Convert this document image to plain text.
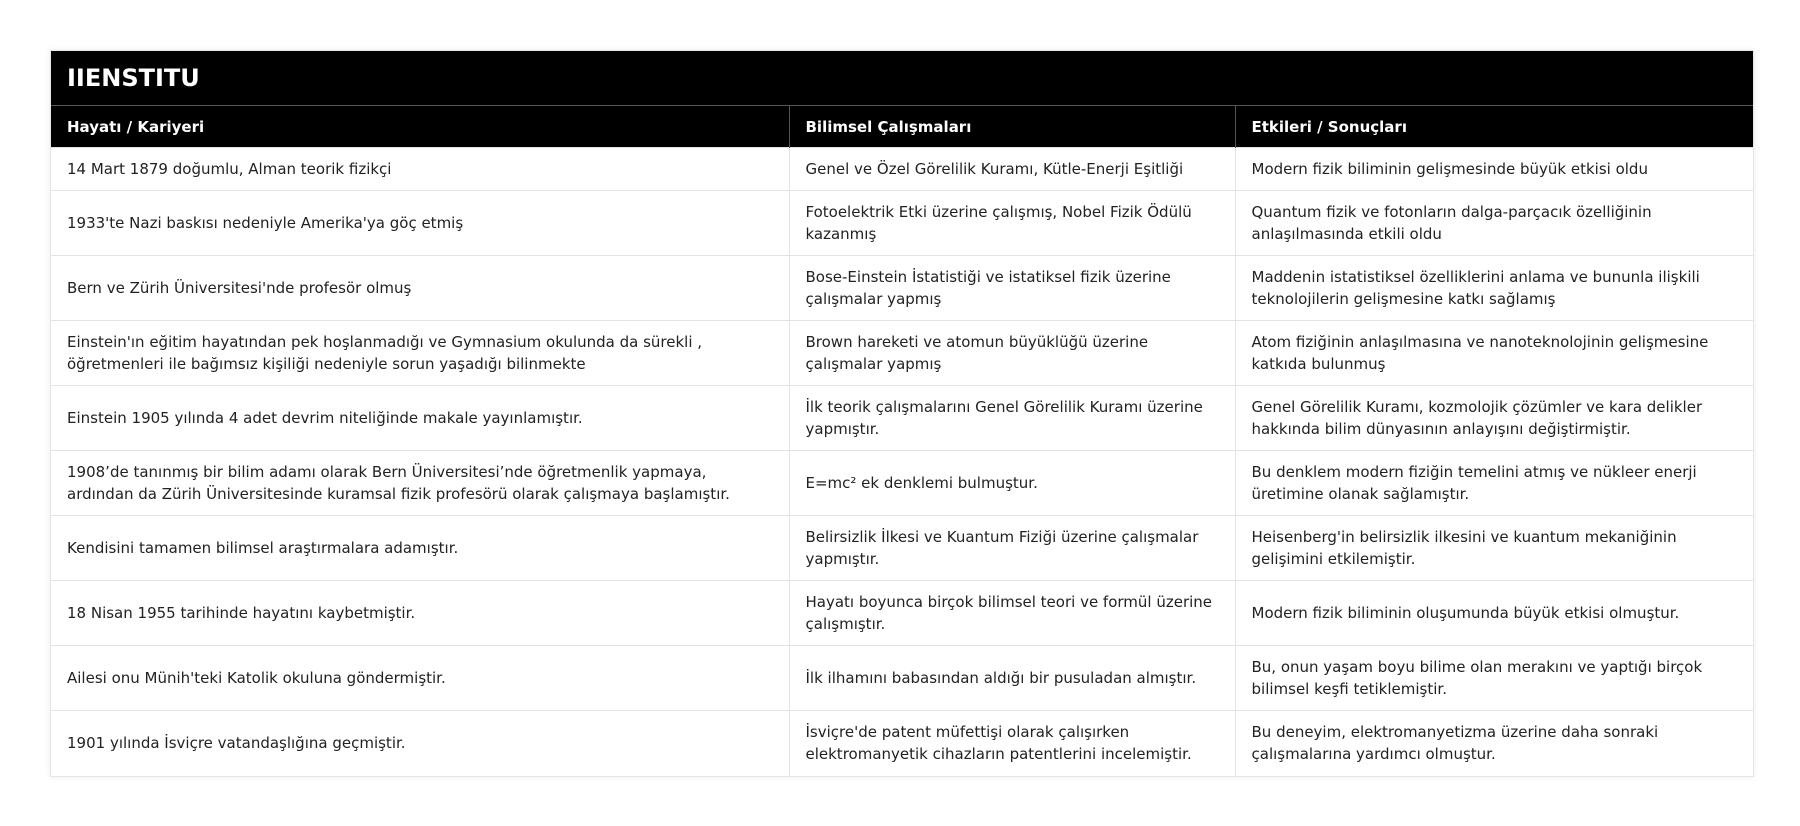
IIENSTITU
Hayatı / Kariyeri	Bilimsel Çalışmaları	Etkileri / Sonuçları
14 Mart 1879 doğumlu, Alman teorik fizikçi	Genel ve Özel Görelilik Kuramı, Kütle-Enerji Eşitliği	Modern fizik biliminin gelişmesinde büyük etkisi oldu
1933'te Nazi baskısı nedeniyle Amerika'ya göç etmiş	Fotoelektrik Etki üzerine çalışmış, Nobel Fizik Ödülü kazanmış	Quantum fizik ve fotonların dalga-parçacık özelliğinin anlaşılmasında etkili oldu
Bern ve Zürih Üniversitesi'nde profesör olmuş	Bose-Einstein İstatistiği ve istatiksel fizik üzerine çalışmalar yapmış	Maddenin istatistiksel özelliklerini anlama ve bununla ilişkili teknolojilerin gelişmesine katkı sağlamış
Einstein'ın eğitim hayatından pek hoşlanmadığı ve Gymnasium okulunda da sürekli , öğretmenleri ile bağımsız kişiliği nedeniyle sorun yaşadığı bilinmekte	Brown hareketi ve atomun büyüklüğü üzerine çalışmalar yapmış	Atom fiziğinin anlaşılmasına ve nanoteknolojinin gelişmesine katkıda bulunmuş
Einstein 1905 yılında 4 adet devrim niteliğinde makale yayınlamıştır.	İlk teorik çalışmalarını Genel Görelilik Kuramı üzerine yapmıştır.	Genel Görelilik Kuramı, kozmolojik çözümler ve kara delikler hakkında bilim dünyasının anlayışını değiştirmiştir.
1908’de tanınmış bir bilim adamı olarak Bern Üniversitesi’nde öğretmenlik yapmaya, ardından da Zürih Üniversitesinde kuramsal fizik profesörü olarak çalışmaya başlamıştır.	E=mc² ek denklemi bulmuştur.	Bu denklem modern fiziğin temelini atmış ve nükleer enerji üretimine olanak sağlamıştır.
Kendisini tamamen bilimsel araştırmalara adamıştır.	Belirsizlik İlkesi ve Kuantum Fiziği üzerine çalışmalar yapmıştır.	Heisenberg'in belirsizlik ilkesini ve kuantum mekaniğinin gelişimini etkilemiştir.
18 Nisan 1955 tarihinde hayatını kaybetmiştir.	Hayatı boyunca birçok bilimsel teori ve formül üzerine çalışmıştır.	Modern fizik biliminin oluşumunda büyük etkisi olmuştur.
Ailesi onu Münih'teki Katolik okuluna göndermiştir.	İlk ilhamını babasından aldığı bir pusuladan almıştır.	Bu, onun yaşam boyu bilime olan merakını ve yaptığı birçok bilimsel keşfi tetiklemiştir.
1901 yılında İsviçre vatandaşlığına geçmiştir.	İsviçre'de patent müfettişi olarak çalışırken elektromanyetik cihazların patentlerini incelemiştir.	Bu deneyim, elektromanyetizma üzerine daha sonraki çalışmalarına yardımcı olmuştur.
